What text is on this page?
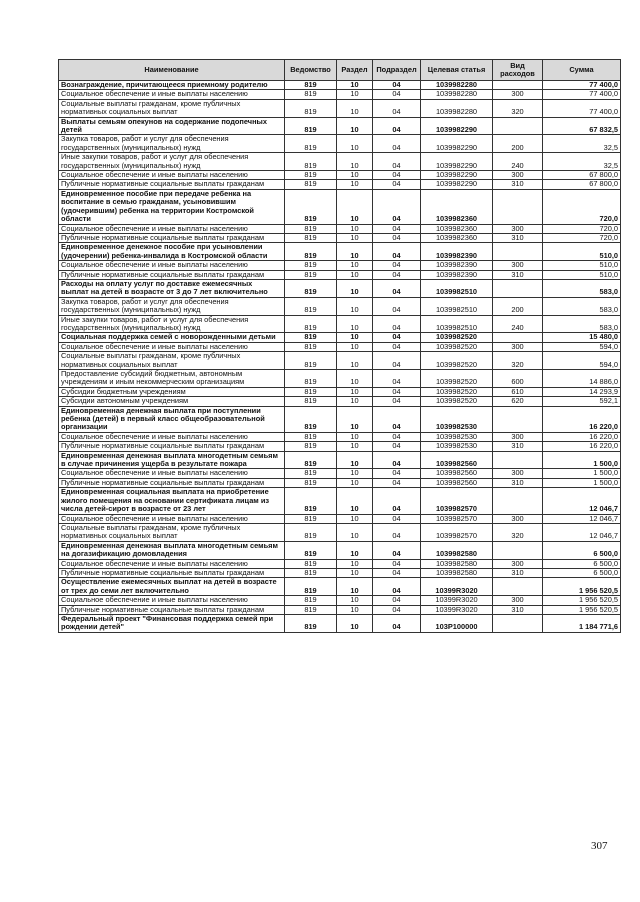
Наименование	Ведомство	Раздел	Подраздел	Целевая статья	Вид расходов	Сумма
Вознаграждение, причитающееся приемному родителю	819	10	04	1039982280		77 400,0
Социальное обеспечение и иные выплаты населению	819	10	04	1039982280	300	77 400,0
Социальные выплаты гражданам, кроме публичных нормативных социальных выплат	819	10	04	1039982280	320	77 400,0
Выплаты семьям опекунов на содержание подопечных детей	819	10	04	1039982290		67 832,5
Закупка товаров, работ и услуг для обеспечения государственных (муниципальных) нужд	819	10	04	1039982290	200	32,5
Иные закупки товаров, работ и услуг для обеспечения государственных (муниципальных) нужд	819	10	04	1039982290	240	32,5
Социальное обеспечение и иные выплаты населению	819	10	04	1039982290	300	67 800,0
Публичные нормативные социальные выплаты гражданам	819	10	04	1039982290	310	67 800,0
Единовременное пособие при передаче ребенка на воспитание в семью гражданам, усыновившим (удочерившим) ребенка на территории Костромской области	819	10	04	1039982360		720,0
Социальное обеспечение и иные выплаты населению	819	10	04	1039982360	300	720,0
Публичные нормативные социальные выплаты гражданам	819	10	04	1039982360	310	720,0
Единовременное денежное пособие при усыновлении (удочерении) ребенка-инвалида в Костромской области	819	10	04	1039982390		510,0
Социальное обеспечение и иные выплаты населению	819	10	04	1039982390	300	510,0
Публичные нормативные социальные выплаты гражданам	819	10	04	1039982390	310	510,0
Расходы на оплату услуг по доставке ежемесячных выплат на детей в возрасте от 3 до 7 лет включительно	819	10	04	1039982510		583,0
Закупка товаров, работ и услуг для обеспечения государственных (муниципальных) нужд	819	10	04	1039982510	200	583,0
Иные закупки товаров, работ и услуг для обеспечения государственных (муниципальных) нужд	819	10	04	1039982510	240	583,0
Социальная поддержка семей с новорожденными детьми	819	10	04	1039982520		15 480,0
Социальное обеспечение и иные выплаты населению	819	10	04	1039982520	300	594,0
Социальные выплаты гражданам, кроме публичных нормативных социальных выплат	819	10	04	1039982520	320	594,0
Предоставление субсидий бюджетным, автономным учреждениям и иным некоммерческим организациям	819	10	04	1039982520	600	14 886,0
Субсидии бюджетным учреждениям	819	10	04	1039982520	610	14 293,9
Субсидии автономным учреждениям	819	10	04	1039982520	620	592,1
Единовременная денежная выплата при поступлении ребенка (детей) в первый класс общеобразовательной организации	819	10	04	1039982530		16 220,0
Социальное обеспечение и иные выплаты населению	819	10	04	1039982530	300	16 220,0
Публичные нормативные социальные выплаты гражданам	819	10	04	1039982530	310	16 220,0
Единовременная денежная выплата многодетным семьям в случае причинения ущерба в результате пожара	819	10	04	1039982560		1 500,0
Социальное обеспечение и иные выплаты населению	819	10	04	1039982560	300	1 500,0
Публичные нормативные социальные выплаты гражданам	819	10	04	1039982560	310	1 500,0
Единовременная социальная выплата на приобретение жилого помещения на основании сертификата лицам из числа детей-сирот в возрасте от 23 лет	819	10	04	1039982570		12 046,7
Социальное обеспечение и иные выплаты населению	819	10	04	1039982570	300	12 046,7
Социальные выплаты гражданам, кроме публичных нормативных социальных выплат	819	10	04	1039982570	320	12 046,7
Единовременная денежная выплата многодетным семьям на догазификацию домовладения	819	10	04	1039982580		6 500,0
Социальное обеспечение и иные выплаты населению	819	10	04	1039982580	300	6 500,0
Публичные нормативные социальные выплаты гражданам	819	10	04	1039982580	310	6 500,0
Осуществление ежемесячных выплат на детей в возрасте от трех до семи лет включительно	819	10	04	10399R3020		1 956 520,5
Социальное обеспечение и иные выплаты населению	819	10	04	10399R3020	300	1 956 520,5
Публичные нормативные социальные выплаты гражданам	819	10	04	10399R3020	310	1 956 520,5
Федеральный проект "Финансовая поддержка семей при рождении детей"	819	10	04	103P100000		1 184 771,6
307
